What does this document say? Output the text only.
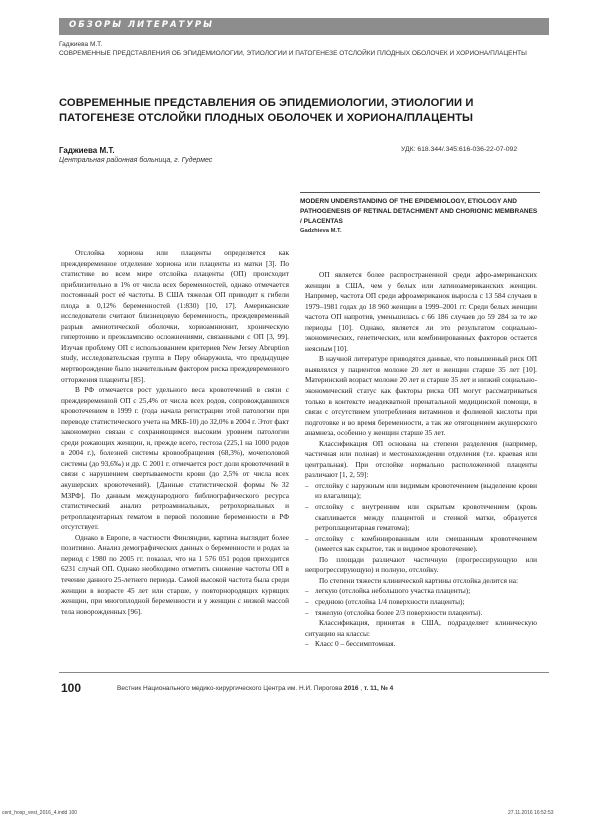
ОБЗОРЫ ЛИТЕРАТУРЫ
Гаджиева М.Т.
СОВРЕМЕННЫЕ ПРЕДСТАВЛЕНИЯ ОБ ЭПИДЕМИОЛОГИИ, ЭТИОЛОГИИ И ПАТОГЕНЕЗЕ ОТСЛОЙКИ ПЛОДНЫХ ОБОЛОЧЕК И ХОРИОНА/ПЛАЦЕНТЫ
СОВРЕМЕННЫЕ ПРЕДСТАВЛЕНИЯ ОБ ЭПИДЕМИОЛОГИИ, ЭТИОЛОГИИ И ПАТОГЕНЕЗЕ ОТСЛОЙКИ ПЛОДНЫХ ОБОЛОЧЕК И ХОРИОНА/ПЛАЦЕНТЫ
Гаджиева М.Т.
Центральная районная больница, г. Гудермес
УДК: 618.344/.345:616-036-22-07-092
MODERN UNDERSTANDING OF THE EPIDEMIOLOGY, ETIOLOGY AND PATHOGENESIS OF RETINAL DETACHMENT AND CHORIONIC MEMBRANES / PLACENTAS
Gadzhieva M.T.

Отслойка хориона или плаценты определяется как преждевременное отделение хориона или плаценты из матки [3]. По статистике во всем мире отслойка плаценты (ОП) происходит приблизительно в 1% от числа всех беременностей, однако отмечается постоянный рост её частоты. В США тяжелая ОП приводит к гибели плода в 0,12% беременностей (1:830) [10, 17]. Американские исследователи считают близнецовую беременность, преждевременный разрыв амниотической оболочки, хориоамнионит, хроническую гипертонию и преэклампсию осложнениями, связанными с ОП [3, 99]. Изучая проблему ОП с использованием критериев New Jersey Abruption study, исследовательская группа в Перу обнаружила, что предыдущее мертворождение было значительным фактором риска преждевременного отторжения плаценты [85].

В РФ отмечается рост удельного веса кровотечений в связи с преждевременной ОП с 25,4% от числа всех родов, сопровождавшихся кровотечением в 1999 г. (года начала регистрации этой патологии при переводе статистического учета на МКБ-10) до 32,0% в 2004 г. Этот факт закономерно связан с сохраняющимся высоким уровнем патологии среди рожающих женщин, и, прежде всего, гестоза (225,1 на 1000 родов в 2004 г.), болезней системы кровообращения (68,3%), мочеполовой системы (до 93,6‰) и др. С 2001 г. отмечается рост доли кровотечений в связи с нарушением свертываемости крови (до 2,5% от числа всех акушерских кровотечений). [Данные статистической формы №32 МЗРФ]. По данным международного библиографического ресурса статистический анализ ретроамниальных, ретрохориальных и ретроплацентарных гематом в первой половине беременности в РФ отсутствует.

Однако в Европе, в частности Финляндии, картина выглядит более позитивно. Анализ демографических данных о беременности и родах за период с 1980 по 2005 гг. показал, что на 1 576 051 родов приходится 6231 случай ОП. Однако необходимо отметить снижение частоты ОП в течение данного 25-летнего периода. Самой высокой частота была среди женщин в возрасте 45 лет или старше, у повторнородящих курящих женщин, при многоплодной беременности и у женщин с низкой массой тела новорожденных [96].

ОП является более распространенной среди афро-американских женщин в США, чем у белых или латиноамериканских женщин. Например, частота ОП среди афроамериканок выросла с 13 584 случаев в 1979–1981 годах до 18 960 женщин в 1999–2001 гг. Среди белых женщин частота ОП напротив, уменьшилась с 66 186 случаев до 59 284 за те же периоды [10]. Однако, является ли это результатом социально-экономических, генетических, или комбинированных факторов остается неясным [10].

В научной литературе приводятся данные, что повышенный риск ОП выявлялся у пациентов моложе 20 лет и женщин старше 35 лет [10]. Материнский возраст моложе 20 лет и старше 35 лет и низкий социально-экономический статус как факторы риска ОП могут рассматриваться только в контексте неадекватной пренатальной медицинской помощи, в связи с отсутствием употребления витаминов и фолиевой кислоты при подготовке и во время беременности, а так же отягощением акушерского анамнеза, особенно у женщин старше 35 лет.

Классификация ОП основана на степени разделения (например, частичная или полная) и местонахождении отделения (т.е. краевая или центральная). При отслойке нормально расположенной плаценты различают [1, 2, 59]:

– отслойку с наружным или видимым кровотечением (выделение крови из влагалища);
– отслойку с внутренним или скрытым кровотечением (кровь скапливается между плацентой и стенкой матки, образуется ретроплацентарная гематома);
– отслойку с комбинированным или смешанным кровотечением (имеется как скрытое, так и видимое кровотечение).

По площади различают частичную (прогрессирующую или непрогрессирующую) и полную, отслойку.

По степени тяжести клинической картины отслойка делится на:

– легкую (отслойка небольшого участка плаценты);
– среднюю (отслойка 1/4 поверхности плаценты);
– тяжелую (отслойка более 2/3 поверхности плаценты).

Классификация, принятая в США, подразделяет клиническую ситуацию на классы:

– Класс 0 – бессимптомная.
100	Вестник Национального медико-хирургического Центра им. Н.И. Пирогова 2016 , т. 11, № 4
cent_hosp_vest_2016_4.indd 100	27.11.2016 16:52:53
